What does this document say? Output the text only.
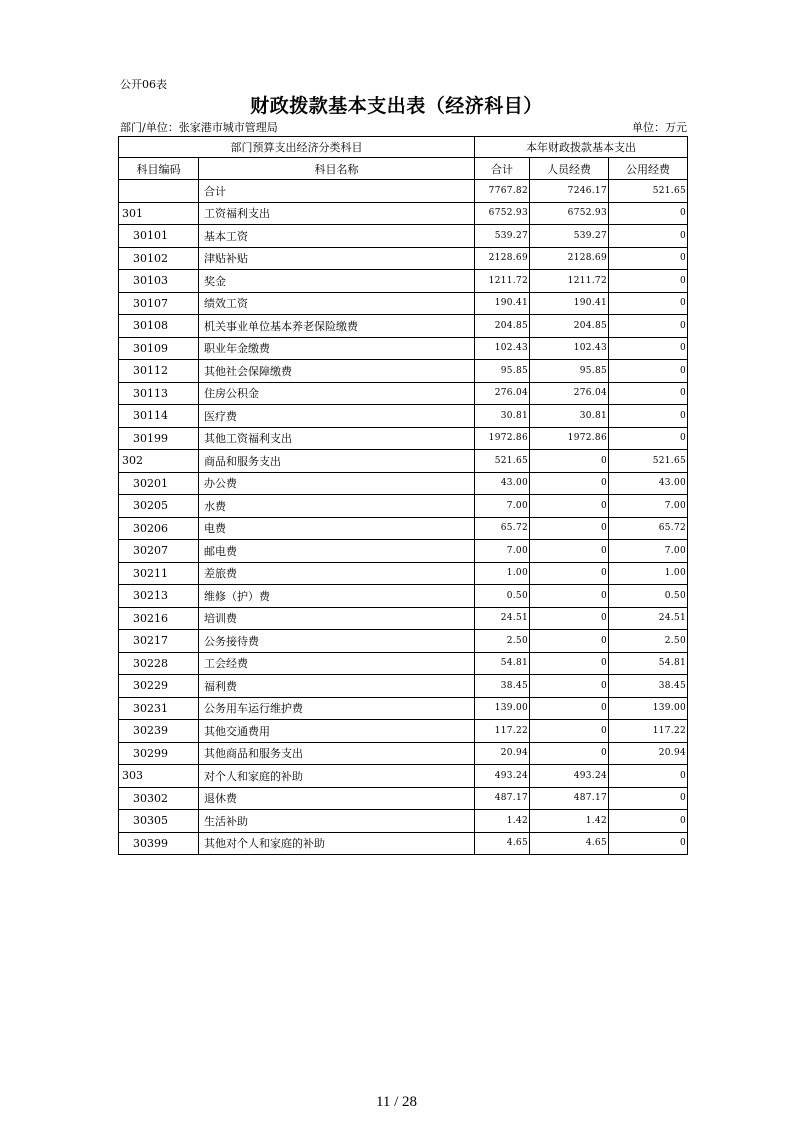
公开06表
财政拨款基本支出表（经济科目）
部门/单位：张家港市城市管理局	单位：万元
部门预算支出经济分类科目		本年财政拨款基本支出		
科目编码	科目名称	合计	人员经费	公用经费
	合计	7767.82	7246.17	521.65
301	工资福利支出	6752.93	6752.93	0
30101	基本工资	539.27	539.27	0
30102	津贴补贴	2128.69	2128.69	0
30103	奖金	1211.72	1211.72	0
30107	绩效工资	190.41	190.41	0
30108	机关事业单位基本养老保险缴费	204.85	204.85	0
30109	职业年金缴费	102.43	102.43	0
30112	其他社会保障缴费	95.85	95.85	0
30113	住房公积金	276.04	276.04	0
30114	医疗费	30.81	30.81	0
30199	其他工资福利支出	1972.86	1972.86	0
302	商品和服务支出	521.65	0	521.65
30201	办公费	43.00	0	43.00
30205	水费	7.00	0	7.00
30206	电费	65.72	0	65.72
30207	邮电费	7.00	0	7.00
30211	差旅费	1.00	0	1.00
30213	维修（护）费	0.50	0	0.50
30216	培训费	24.51	0	24.51
30217	公务接待费	2.50	0	2.50
30228	工会经费	54.81	0	54.81
30229	福利费	38.45	0	38.45
30231	公务用车运行维护费	139.00	0	139.00
30239	其他交通费用	117.22	0	117.22
30299	其他商品和服务支出	20.94	0	20.94
303	对个人和家庭的补助	493.24	493.24	0
30302	退休费	487.17	487.17	0
30305	生活补助	1.42	1.42	0
30399	其他对个人和家庭的补助	4.65	4.65	0
11 / 28
